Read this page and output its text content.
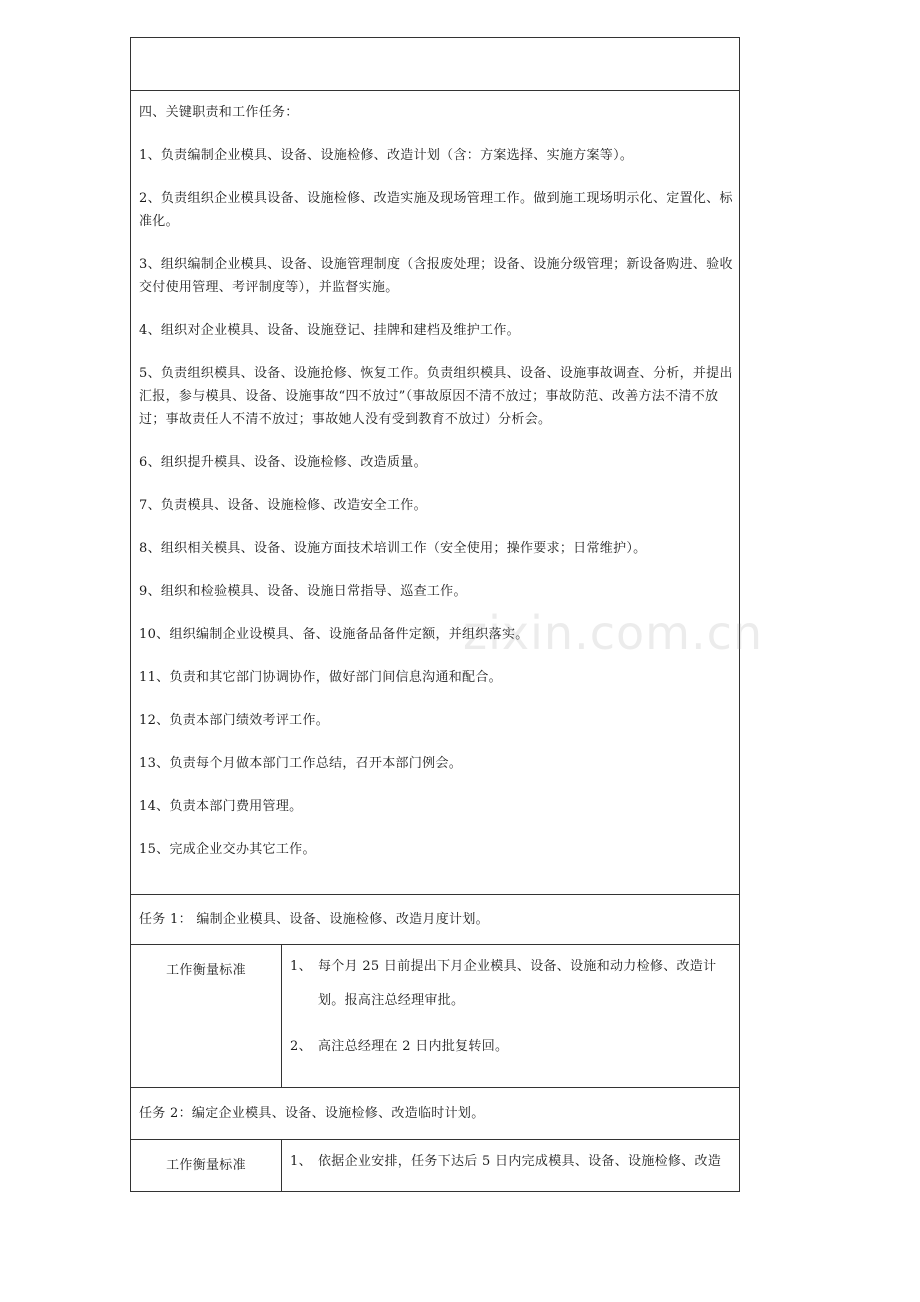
四、关键职责和工作任务：
1、负责编制企业模具、设备、设施检修、改造计划（含：方案选择、实施方案等）。
2、负责组织企业模具设备、设施检修、改造实施及现场管理工作。做到施工现场明示化、定置化、标准化。
3、组织编制企业模具、设备、设施管理制度（含报废处理；设备、设施分级管理；新设备购进、验收交付使用管理、考评制度等），并监督实施。
4、组织对企业模具、设备、设施登记、挂牌和建档及维护工作。
5、负责组织模具、设备、设施抢修、恢复工作。负责组织模具、设备、设施事故调查、分析，并提出汇报，参与模具、设备、设施事故“四不放过”（事故原因不清不放过；事故防范、改善方法不清不放过；事故责任人不清不放过；事故她人没有受到教育不放过）分析会。
6、组织提升模具、设备、设施检修、改造质量。
7、负责模具、设备、设施检修、改造安全工作。
8、组织相关模具、设备、设施方面技术培训工作（安全使用；操作要求；日常维护）。
9、组织和检验模具、设备、设施日常指导、巡查工作。
10、组织编制企业设模具、备、设施备品备件定额，并组织落实。
11、负责和其它部门协调协作，做好部门间信息沟通和配合。
12、负责本部门绩效考评工作。
13、负责每个月做本部门工作总结，召开本部门例会。
14、负责本部门费用管理。
15、完成企业交办其它工作。
任务 1： 编制企业模具、设备、设施检修、改造月度计划。
工作衡量标准	1、 每个月 25 日前提出下月企业模具、设备、设施和动力检修、改造计划。报高注总经理审批。
2、 高注总经理在 2 日内批复转回。
任务 2：编定企业模具、设备、设施检修、改造临时计划。
工作衡量标准	1、 依据企业安排，任务下达后 5 日内完成模具、设备、设施检修、改造
zixin.com.cn
